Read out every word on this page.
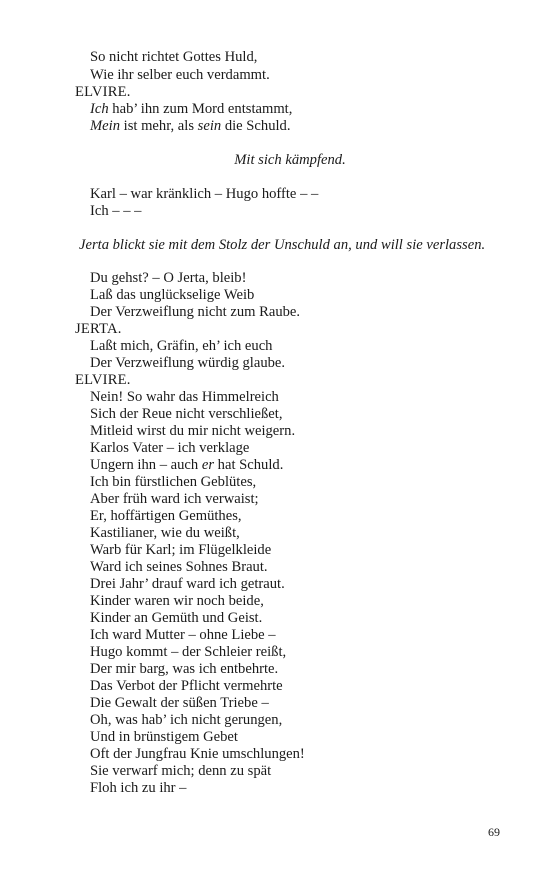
So nicht richtet Gottes Huld,
Wie ihr selber euch verdammt.
ELVIRE.
Ich hab’ ihn zum Mord entstammt,
Mein ist mehr, als sein die Schuld.
Mit sich kämpfend.
Karl – war kränklich – Hugo hoffte – –
Ich – – –
Jerta blickt sie mit dem Stolz der Unschuld an, und will sie verlassen.
Du gehst? – O Jerta, bleib!
Laß das unglückselige Weib
Der Verzweiflung nicht zum Raube.
JERTA.
Laßt mich, Gräfin, eh’ ich euch
Der Verzweiflung würdig glaube.
ELVIRE.
Nein! So wahr das Himmelreich
Sich der Reue nicht verschließet,
Mitleid wirst du mir nicht weigern.
Karlos Vater – ich verklage
Ungern ihn – auch er hat Schuld.
Ich bin fürstlichen Geblütes,
Aber früh ward ich verwaist;
Er, hoffärtigen Gemüthes,
Kastilianer, wie du weißt,
Warb für Karl; im Flügelkleide
Ward ich seines Sohnes Braut.
Drei Jahr’ drauf ward ich getraut.
Kinder waren wir noch beide,
Kinder an Gemüth und Geist.
Ich ward Mutter – ohne Liebe –
Hugo kommt – der Schleier reißt,
Der mir barg, was ich entbehrte.
Das Verbot der Pflicht vermehrte
Die Gewalt der süßen Triebe –
Oh, was hab’ ich nicht gerungen,
Und in brünstigem Gebet
Oft der Jungfrau Knie umschlungen!
Sie verwarf mich; denn zu spät
Floh ich zu ihr –
69
